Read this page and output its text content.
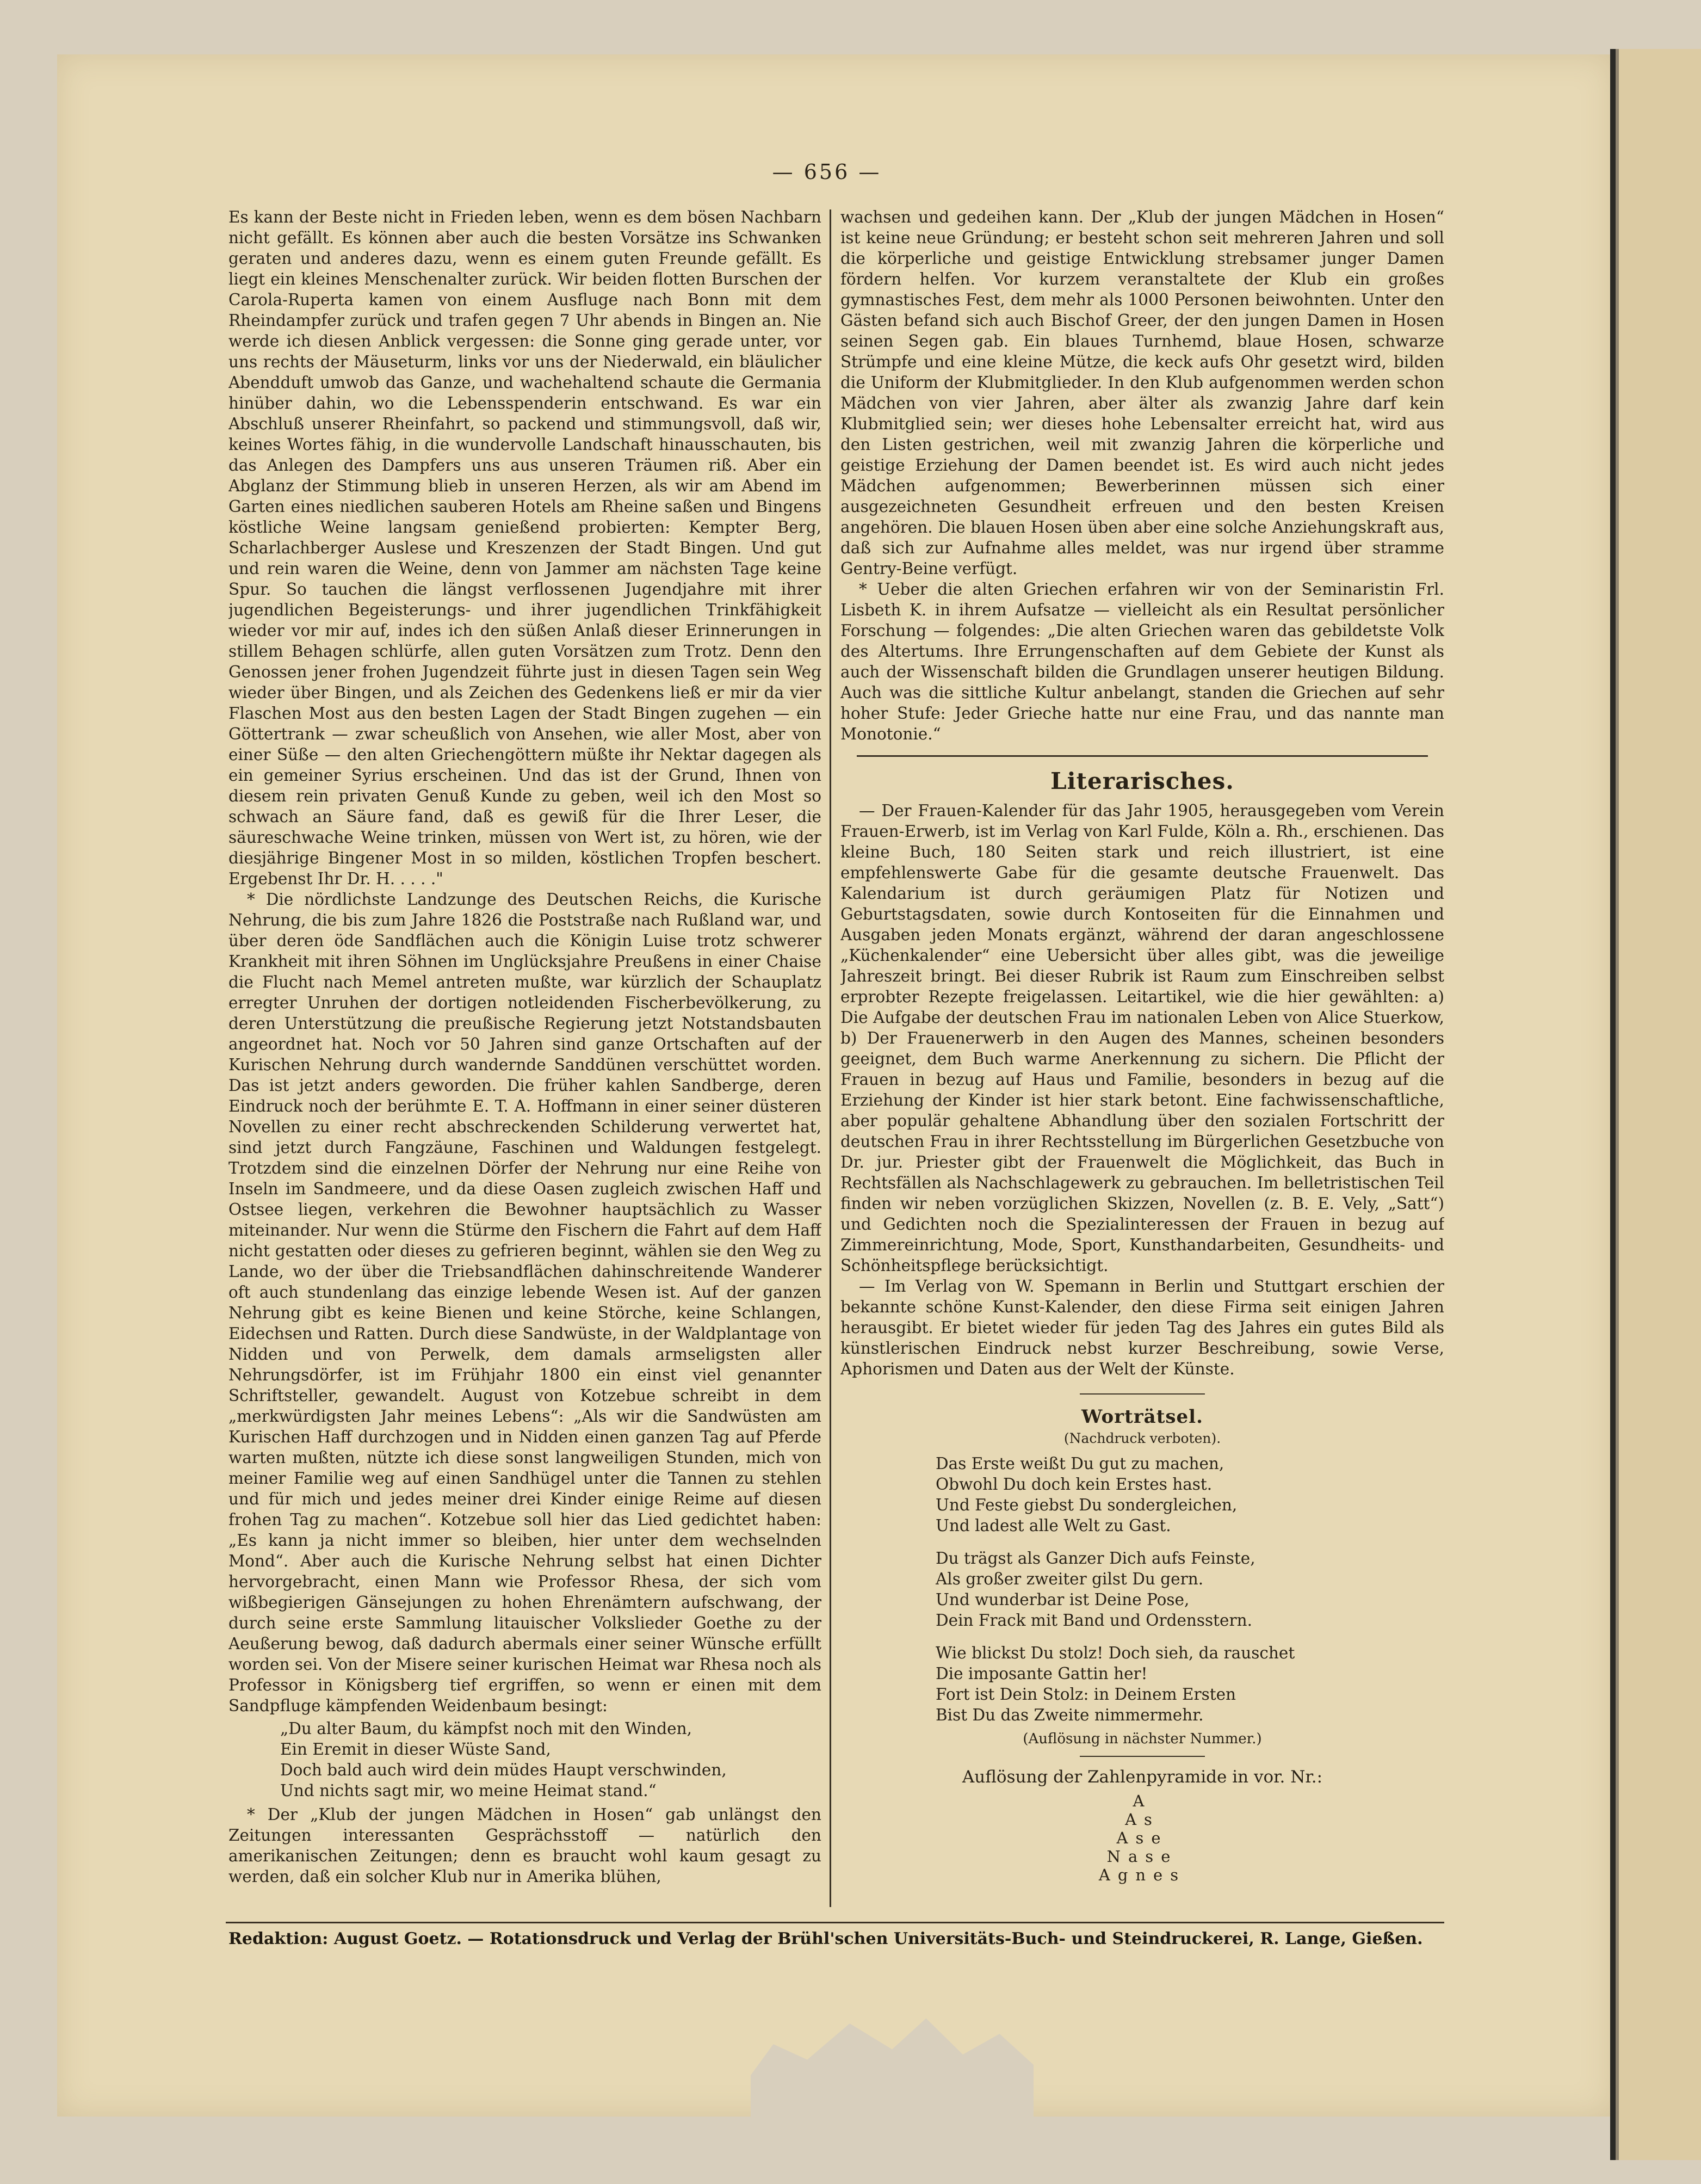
— 656 —

Es kann der Beste nicht in Frieden leben, wenn es dem bösen Nachbarn nicht gefällt. Es können aber auch die besten Vorsätze ins Schwanken geraten und anderes dazu, wenn es einem guten Freunde gefällt. Es liegt ein kleines Menschenalter zurück. Wir beiden flotten Burschen der Carola-Ruperta kamen von einem Ausfluge nach Bonn mit dem Rheindampfer zurück und trafen gegen 7 Uhr abends in Bingen an. Nie werde ich diesen Anblick vergessen: die Sonne ging gerade unter, vor uns rechts der Mäuseturm, links vor uns der Niederwald, ein bläulicher Abendduft umwob das Ganze, und wachehaltend schaute die Germania hinüber dahin, wo die Lebensspenderin entschwand. Es war ein Abschluß unserer Rheinfahrt, so packend und stimmungsvoll, daß wir, keines Wortes fähig, in die wundervolle Landschaft hinausschauten, bis das Anlegen des Dampfers uns aus unseren Träumen riß. Aber ein Abglanz der Stimmung blieb in unseren Herzen, als wir am Abend im Garten eines niedlichen sauberen Hotels am Rheine saßen und Bingens köstliche Weine langsam genießend probierten: Kempter Berg, Scharlachberger Auslese und Kreszenzen der Stadt Bingen. Und gut und rein waren die Weine, denn von Jammer am nächsten Tage keine Spur. So tauchen die längst verflossenen Jugendjahre mit ihrer jugendlichen Begeisterungs- und ihrer jugendlichen Trinkfähigkeit wieder vor mir auf, indes ich den süßen Anlaß dieser Erinnerungen in stillem Behagen schlürfe, allen guten Vorsätzen zum Trotz. Denn den Genossen jener frohen Jugendzeit führte just in diesen Tagen sein Weg wieder über Bingen, und als Zeichen des Gedenkens ließ er mir da vier Flaschen Most aus den besten Lagen der Stadt Bingen zugehen — ein Göttertrank — zwar scheußlich von Ansehen, wie aller Most, aber von einer Süße — den alten Griechengöttern müßte ihr Nektar dagegen als ein gemeiner Syrius erscheinen. Und das ist der Grund, Ihnen von diesem rein privaten Genuß Kunde zu geben, weil ich den Most so schwach an Säure fand, daß es gewiß für die Ihrer Leser, die säureschwache Weine trinken, müssen von Wert ist, zu hören, wie der diesjährige Bingener Most in so milden, köstlichen Tropfen beschert. Ergebenst Ihr Dr. H. . . . ."

* Die nördlichste Landzunge des Deutschen Reichs, die Kurische Nehrung, die bis zum Jahre 1826 die Poststraße nach Rußland war, und über deren öde Sandflächen auch die Königin Luise trotz schwerer Krankheit mit ihren Söhnen im Unglücksjahre Preußens in einer Chaise die Flucht nach Memel antreten mußte, war kürzlich der Schauplatz erregter Unruhen der dortigen notleidenden Fischerbevölkerung, zu deren Unterstützung die preußische Regierung jetzt Notstandsbauten angeordnet hat. Noch vor 50 Jahren sind ganze Ortschaften auf der Kurischen Nehrung durch wandernde Sanddünen verschüttet worden. Das ist jetzt anders geworden. Die früher kahlen Sandberge, deren Eindruck noch der berühmte E. T. A. Hoffmann in einer seiner düsteren Novellen zu einer recht abschreckenden Schilderung verwertet hat, sind jetzt durch Fangzäune, Faschinen und Waldungen festgelegt. Trotzdem sind die einzelnen Dörfer der Nehrung nur eine Reihe von Inseln im Sandmeere, und da diese Oasen zugleich zwischen Haff und Ostsee liegen, verkehren die Bewohner hauptsächlich zu Wasser miteinander. Nur wenn die Stürme den Fischern die Fahrt auf dem Haff nicht gestatten oder dieses zu gefrieren beginnt, wählen sie den Weg zu Lande, wo der über die Triebsandflächen dahinschreitende Wanderer oft auch stundenlang das einzige lebende Wesen ist. Auf der ganzen Nehrung gibt es keine Bienen und keine Störche, keine Schlangen, Eidechsen und Ratten. Durch diese Sandwüste, in der Waldplantage von Nidden und von Perwelk, dem damals armseligsten aller Nehrungsdörfer, ist im Frühjahr 1800 ein einst viel genannter Schriftsteller, gewandelt. August von Kotzebue schreibt in dem „merkwürdigsten Jahr meines Lebens“: „Als wir die Sandwüsten am Kurischen Haff durchzogen und in Nidden einen ganzen Tag auf Pferde warten mußten, nützte ich diese sonst langweiligen Stunden, mich von meiner Familie weg auf einen Sandhügel unter die Tannen zu stehlen und für mich und jedes meiner drei Kinder einige Reime auf diesen frohen Tag zu machen“. Kotzebue soll hier das Lied gedichtet haben: „Es kann ja nicht immer so bleiben, hier unter dem wechselnden Mond“. Aber auch die Kurische Nehrung selbst hat einen Dichter hervorgebracht, einen Mann wie Professor Rhesa, der sich vom wißbegierigen Gänsejungen zu hohen Ehrenämtern aufschwang, der durch seine erste Sammlung litauischer Volkslieder Goethe zu der Aeußerung bewog, daß dadurch abermals einer seiner Wünsche erfüllt worden sei. Von der Misere seiner kurischen Heimat war Rhesa noch als Professor in Königsberg tief ergriffen, so wenn er einen mit dem Sandpfluge kämpfenden Weidenbaum besingt:

„Du alter Baum, du kämpfst noch mit den Winden,
Ein Eremit in dieser Wüste Sand,
Doch bald auch wird dein müdes Haupt verschwinden,
Und nichts sagt mir, wo meine Heimat stand.“

* Der „Klub der jungen Mädchen in Hosen“ gab unlängst den Zeitungen interessanten Gesprächsstoff — natürlich den amerikanischen Zeitungen; denn es braucht wohl kaum gesagt zu werden, daß ein solcher Klub nur in Amerika blühen,

wachsen und gedeihen kann. Der „Klub der jungen Mädchen in Hosen“ ist keine neue Gründung; er besteht schon seit mehreren Jahren und soll die körperliche und geistige Entwicklung strebsamer junger Damen fördern helfen. Vor kurzem veranstaltete der Klub ein großes gymnastisches Fest, dem mehr als 1000 Personen beiwohnten. Unter den Gästen befand sich auch Bischof Greer, der den jungen Damen in Hosen seinen Segen gab. Ein blaues Turnhemd, blaue Hosen, schwarze Strümpfe und eine kleine Mütze, die keck aufs Ohr gesetzt wird, bilden die Uniform der Klubmitglieder. In den Klub aufgenommen werden schon Mädchen von vier Jahren, aber älter als zwanzig Jahre darf kein Klubmitglied sein; wer dieses hohe Lebensalter erreicht hat, wird aus den Listen gestrichen, weil mit zwanzig Jahren die körperliche und geistige Erziehung der Damen beendet ist. Es wird auch nicht jedes Mädchen aufgenommen; Bewerberinnen müssen sich einer ausgezeichneten Gesundheit erfreuen und den besten Kreisen angehören. Die blauen Hosen üben aber eine solche Anziehungskraft aus, daß sich zur Aufnahme alles meldet, was nur irgend über stramme Gentry-Beine verfügt.

* Ueber die alten Griechen erfahren wir von der Seminaristin Frl. Lisbeth K. in ihrem Aufsatze — vielleicht als ein Resultat persönlicher Forschung — folgendes: „Die alten Griechen waren das gebildetste Volk des Altertums. Ihre Errungenschaften auf dem Gebiete der Kunst als auch der Wissenschaft bilden die Grundlagen unserer heutigen Bildung. Auch was die sittliche Kultur anbelangt, standen die Griechen auf sehr hoher Stufe: Jeder Grieche hatte nur eine Frau, und das nannte man Monotonie.“

Literarisches.

— Der Frauen-Kalender für das Jahr 1905, herausgegeben vom Verein Frauen-Erwerb, ist im Verlag von Karl Fulde, Köln a. Rh., erschienen. Das kleine Buch, 180 Seiten stark und reich illustriert, ist eine empfehlenswerte Gabe für die gesamte deutsche Frauenwelt. Das Kalendarium ist durch geräumigen Platz für Notizen und Geburtstagsdaten, sowie durch Kontoseiten für die Einnahmen und Ausgaben jeden Monats ergänzt, während der daran angeschlossene „Küchenkalender“ eine Uebersicht über alles gibt, was die jeweilige Jahreszeit bringt. Bei dieser Rubrik ist Raum zum Einschreiben selbst erprobter Rezepte freigelassen. Leitartikel, wie die hier gewählten: a) Die Aufgabe der deutschen Frau im nationalen Leben von Alice Stuerkow, b) Der Frauenerwerb in den Augen des Mannes, scheinen besonders geeignet, dem Buch warme Anerkennung zu sichern. Die Pflicht der Frauen in bezug auf Haus und Familie, besonders in bezug auf die Erziehung der Kinder ist hier stark betont. Eine fachwissenschaftliche, aber populär gehaltene Abhandlung über den sozialen Fortschritt der deutschen Frau in ihrer Rechtsstellung im Bürgerlichen Gesetzbuche von Dr. jur. Priester gibt der Frauenwelt die Möglichkeit, das Buch in Rechtsfällen als Nachschlagewerk zu gebrauchen. Im belletristischen Teil finden wir neben vorzüglichen Skizzen, Novellen (z. B. E. Vely, „Satt“) und Gedichten noch die Spezialinteressen der Frauen in bezug auf Zimmereinrichtung, Mode, Sport, Kunsthandarbeiten, Gesundheits- und Schönheitspflege berücksichtigt.

— Im Verlag von W. Spemann in Berlin und Stuttgart erschien der bekannte schöne Kunst-Kalender, den diese Firma seit einigen Jahren herausgibt. Er bietet wieder für jeden Tag des Jahres ein gutes Bild als künstlerischen Eindruck nebst kurzer Beschreibung, sowie Verse, Aphorismen und Daten aus der Welt der Künste.

Worträtsel.
(Nachdruck verboten).
Das Erste weißt Du gut zu machen,
Obwohl Du doch kein Erstes hast.
Und Feste giebst Du sondergleichen,
Und ladest alle Welt zu Gast.
Du trägst als Ganzer Dich aufs Feinste,
Als großer zweiter gilst Du gern.
Und wunderbar ist Deine Pose,
Dein Frack mit Band und Ordensstern.
Wie blickst Du stolz! Doch sieh, da rauschet
Die imposante Gattin her!
Fort ist Dein Stolz: in Deinem Ersten
Bist Du das Zweite nimmermehr.
(Auflösung in nächster Nummer.)
Auflösung der Zahlenpyramide in vor. Nr.:
A
As
Ase
Nase
Agnes
Redaktion: August Goetz. — Rotationsdruck und Verlag der Brühl'schen Universitäts-Buch- und Steindruckerei, R. Lange, Gießen.
